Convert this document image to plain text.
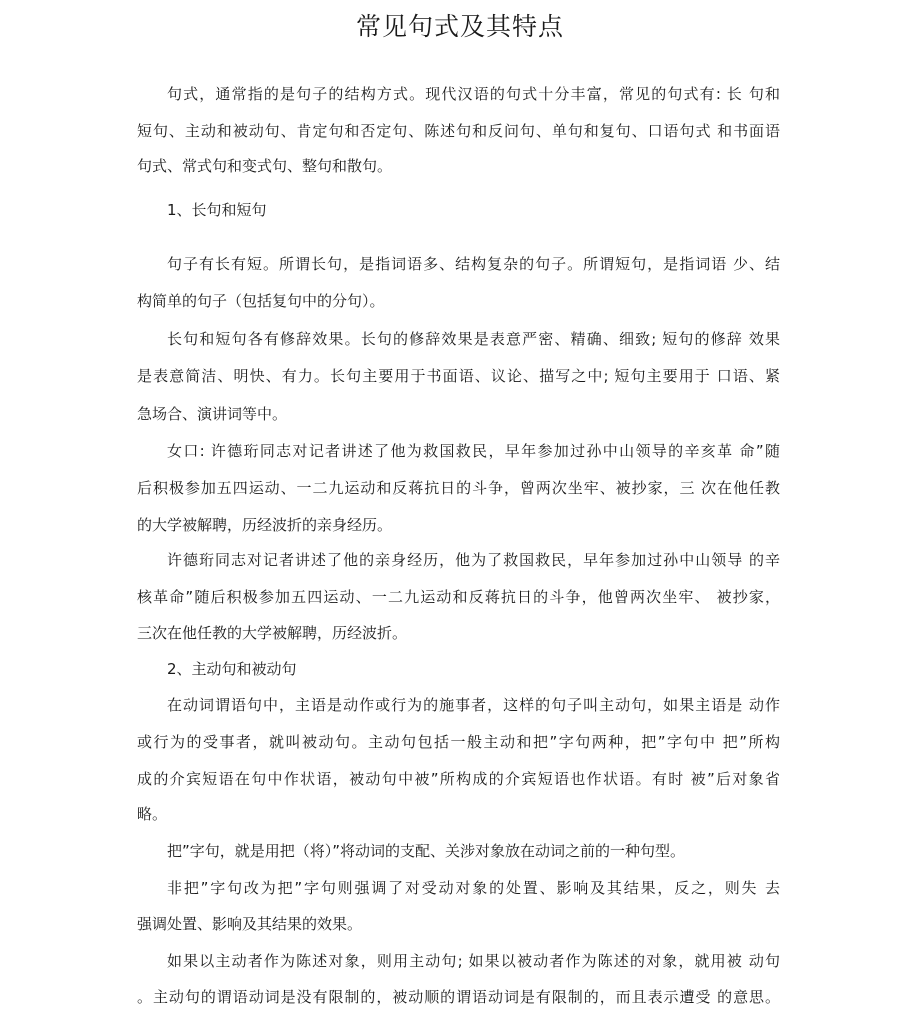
常见句式及其特点
句式，通常指的是句子的结构方式。现代汉语的句式十分丰富，常见的句式有: 长 句和
短句、主动和被动句、肯定句和否定句、陈述句和反问句、单句和复句、口语句式 和书面语
句式、常式句和变式句、整句和散句。
1、长句和短句
句子有长有短。所谓长句，是指词语多、结构复杂的句子。所谓短句，是指词语 少、结
构简单的句子（包括复句中的分句）。
长句和短句各有修辞效果。长句的修辞效果是表意严密、精确、细致; 短句的修辞 效果
是表意简洁、明快、有力。长句主要用于书面语、议论、描写之中; 短句主要用于 口语、紧
急场合、演讲词等中。
女口: 许德珩同志对记者讲述了他为救国救民，早年参加过孙中山领导的辛亥革 命”随
后积极参加五四运动、一二九运动和反蒋抗日的斗争，曾两次坐牢、被抄家，三 次在他任教
的大学被解聘，历经波折的亲身经历。
许德珩同志对记者讲述了他的亲身经历，他为了救国救民，早年参加过孙中山领导 的辛
核革命”随后积极参加五四运动、一二九运动和反蒋抗日的斗争，他曾两次坐牢、 被抄家，
三次在他任教的大学被解聘，历经波折。
2、主动句和被动句
在动词谓语句中，主语是动作或行为的施事者，这样的句子叫主动句，如果主语是 动作
或行为的受事者，就叫被动句。主动句包括一般主动和把”字句两种，把”字句中 把”所构
成的介宾短语在句中作状语，被动句中被”所构成的介宾短语也作状语。有时 被”后对象省
略。
把”字句，就是用把（将）”将动词的支配、关涉对象放在动词之前的一种句型。
非把”字句改为把”字句则强调了对受动对象的处置、影响及其结果，反之，则失 去
强调处置、影响及其结果的效果。
如果以主动者作为陈述对象，则用主动句; 如果以被动者作为陈述的对象，就用被 动句
。主动句的谓语动词是没有限制的，被动顺的谓语动词是有限制的，而且表示遭受 的意思。
